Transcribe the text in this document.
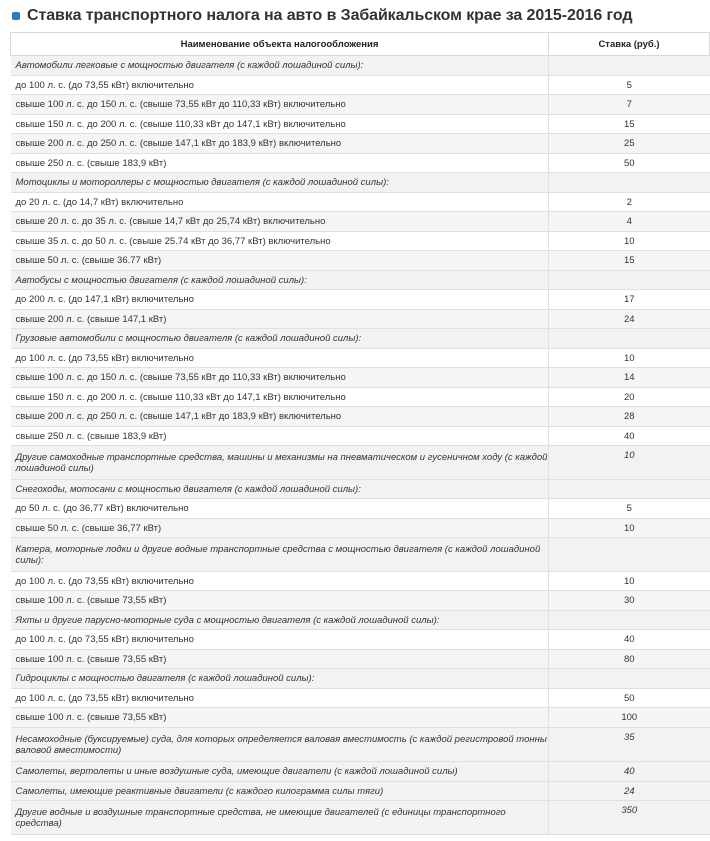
Ставка транспортного налога на авто в Забайкальском крае за 2015-2016 год
Наименование объекта налогообложения	Ставка (руб.)
Автомобили легковые с мощностью двигателя (с каждой лошадиной силы):	
до 100 л. с. (до 73,55 кВт) включительно	5
свыше 100 л. с. до 150 л. с. (свыше 73,55 кВт до 110,33 кВт) включительно	7
свыше 150 л. с. до 200 л. с. (свыше 110,33 кВт до 147,1 кВт) включительно	15
свыше 200 л. с. до 250 л. с. (свыше 147,1 кВт до 183,9 кВт) включительно	25
свыше 250 л. с. (свыше 183,9 кВт)	50
Мотоциклы и мотороллеры с мощностью двигателя (с каждой лошадиной силы):	
до 20 л. с. (до 14,7 кВт) включительно	2
свыше 20 л. с. до 35 л. с. (свыше 14,7 кВт до 25,74 кВт) включительно	4
свыше 35 л. с. до 50 л. с. (свыше 25.74 кВт до 36,77 кВт) включительно	10
свыше 50 л. с. (свыше 36.77 кВт)	15
Автобусы с мощностью двигателя (с каждой лошадиной силы):	
до 200 л. с. (до 147,1 кВт) включительно	17
свыше 200 л. с. (свыше 147,1 кВт)	24
Грузовые автомобили с мощностью двигателя (с каждой лошадиной силы):	
до 100 л. с. (до 73,55 кВт) включительно	10
свыше 100 л. с. до 150 л. с. (свыше 73,55 кВт до 110,33 кВт) включительно	14
свыше 150 л. с. до 200 л. с. (свыше 110,33 кВт до 147,1 кВт) включительно	20
свыше 200 л. с. до 250 л. с. (свыше 147,1 кВт до 183,9 кВт) включительно	28
свыше 250 л. с. (свыше 183,9 кВт)	40
Другие самоходные транспортные средства, машины и механизмы на пневматическом и гусеничном ходу (с каждой лошадиной силы)	10
Снегоходы, мотосани с мощностью двигателя (с каждой лошадиной силы):	
до 50 л. с. (до 36,77 кВт) включительно	5
свыше 50 л. с. (свыше 36,77 кВт)	10
Катера, моторные лодки и другие водные транспортные средства с мощностью двигателя (с каждой лошадиной силы):	
до 100 л. с. (до 73,55 кВт) включительно	10
свыше 100 л. с. (свыше 73,55 кВт)	30
Яхты и другие парусно-моторные суда с мощностью двигателя (с каждой лошадиной силы):	
до 100 л. с. (до 73,55 кВт) включительно	40
свыше 100 л. с. (свыше 73,55 кВт)	80
Гидроциклы с мощностью двигателя (с каждой лошадиной силы):	
до 100 л. с. (до 73,55 кВт) включительно	50
свыше 100 л. с. (свыше 73,55 кВт)	100
Несамоходные (буксируемые) суда, для которых определяется валовая вместимость (с каждой регистровой тонны валовой вместимости)	35
Самолеты, вертолеты и иные воздушные суда, имеющие двигатели (с каждой лошадиной силы)	40
Самолеты, имеющие реактивные двигатели (с каждого килограмма силы тяги)	24
Другие водные и воздушные транспортные средства, не имеющие двигателей (с единицы транспортного средства)	350
